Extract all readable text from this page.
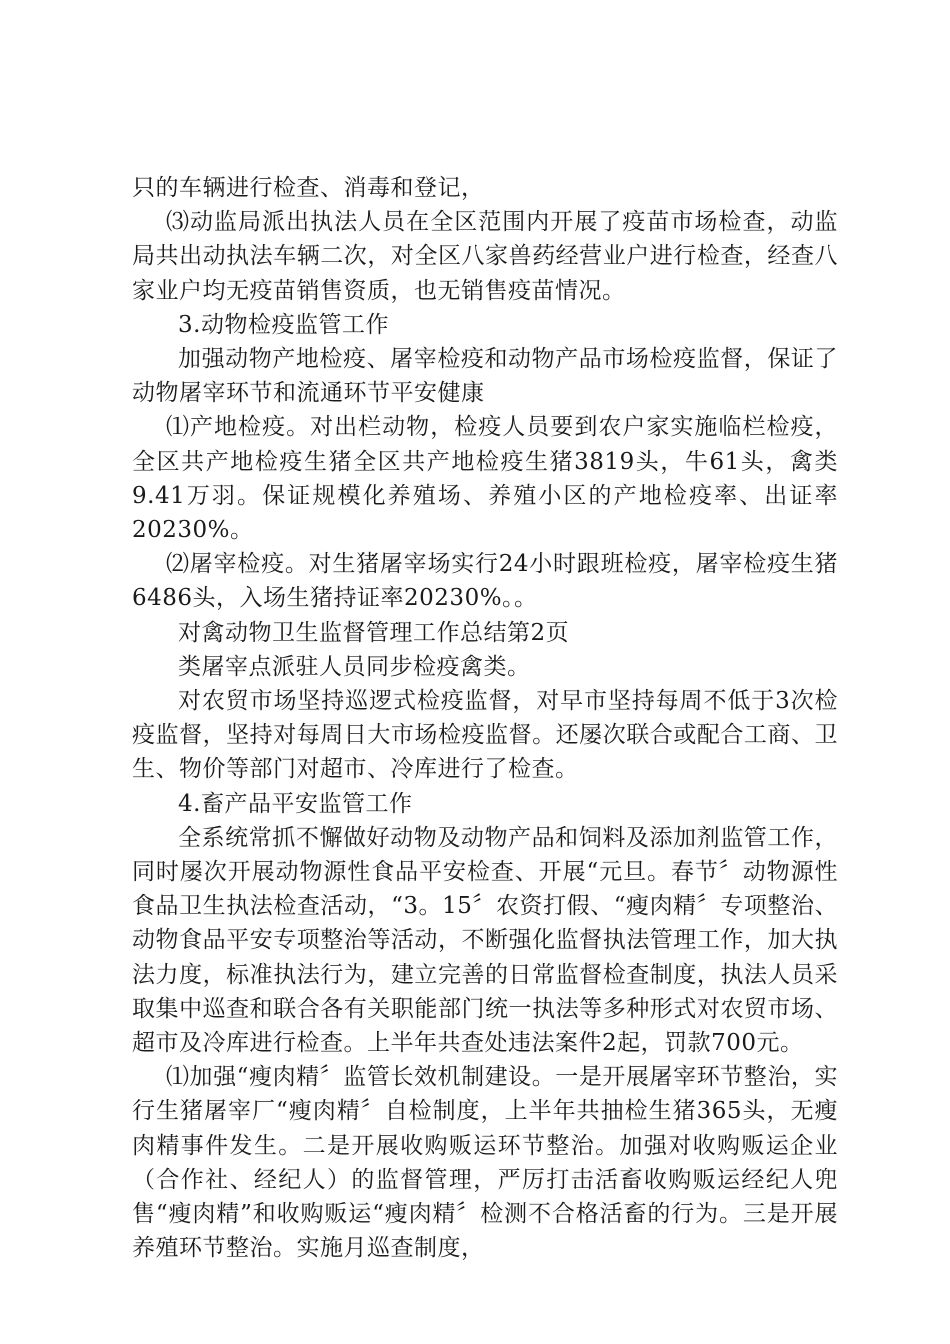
只的车辆进行检查、消毒和登记，

⑶动监局派出执法人员在全区范围内开展了疫苗市场检查，动监局共出动执法车辆二次，对全区八家兽药经营业户进行检查，经查八家业户均无疫苗销售资质，也无销售疫苗情况。

3.动物检疫监管工作

加强动物产地检疫、屠宰检疫和动物产品市场检疫监督，保证了动物屠宰环节和流通环节平安健康

⑴产地检疫。对出栏动物，检疫人员要到农户家实施临栏检疫，全区共产地检疫生猪全区共产地检疫生猪3819头，牛61头，禽类9.41万羽。保证规模化养殖场、养殖小区的产地检疫率、出证率20230%。

⑵屠宰检疫。对生猪屠宰场实行24小时跟班检疫，屠宰检疫生猪6486头，入场生猪持证率20230%。。

对禽动物卫生监督管理工作总结第2页

类屠宰点派驻人员同步检疫禽类。

对农贸市场坚持巡逻式检疫监督，对早市坚持每周不低于3次检疫监督，坚持对每周日大市场检疫监督。还屡次联合或配合工商、卫生、物价等部门对超市、冷库进行了检查。

4.畜产品平安监管工作

全系统常抓不懈做好动物及动物产品和饲料及添加剂监管工作，同时屡次开展动物源性食品平安检查、开展“元旦。春节〞动物源性食品卫生执法检查活动，“3。15〞农资打假、“瘦肉精〞专项整治、动物食品平安专项整治等活动，不断强化监督执法管理工作，加大执法力度，标准执法行为，建立完善的日常监督检查制度，执法人员采取集中巡查和联合各有关职能部门统一执法等多种形式对农贸市场、超市及冷库进行检查。上半年共查处违法案件2起，罚款700元。

⑴加强“瘦肉精〞监管长效机制建设。一是开展屠宰环节整治，实行生猪屠宰厂“瘦肉精〞自检制度，上半年共抽检生猪365头，无瘦肉精事件发生。二是开展收购贩运环节整治。加强对收购贩运企业（合作社、经纪人）的监督管理，严厉打击活畜收购贩运经纪人兜售“瘦肉精”和收购贩运“瘦肉精〞检测不合格活畜的行为。三是开展养殖环节整治。实施月巡查制度，
